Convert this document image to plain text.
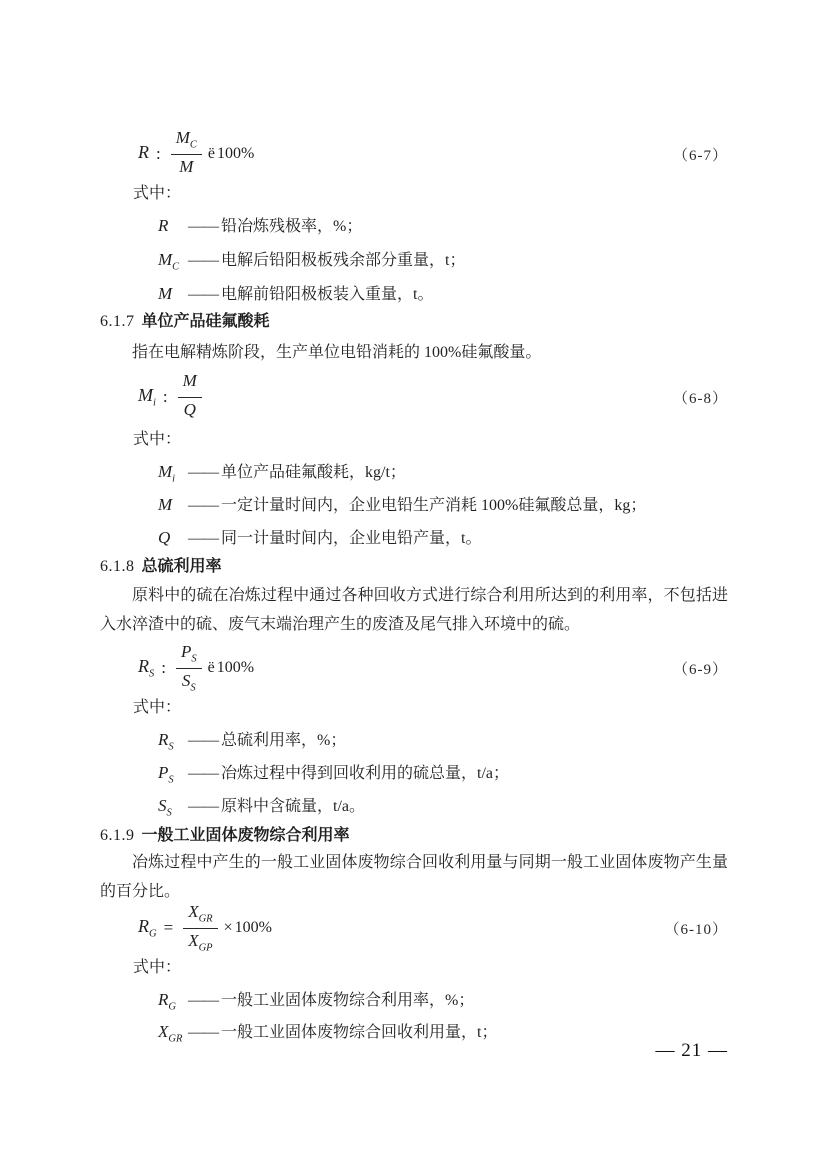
R : $\frac{M_C}{M}$ ë 100%	（6-7）
式中：
R	—— 铅冶炼残极率，%；
$M_C$ —— 电解后铅阳极板残余部分重量，t；
M —— 电解前铅阳极板装入重量，t。
6.1.7 单位产品硅氟酸耗

指在电解精炼阶段，生产单位电铅消耗的 100%硅氟酸量。

$M_i$ : $\frac{M}{Q}$	（6-8）
式中：
$M_i$ —— 单位产品硅氟酸耗，kg/t；
M —— 一定计量时间内，企业电铅生产消耗 100%硅氟酸总量，kg；
Q	—— 同一计量时间内，企业电铅产量，t。
6.1.8 总硫利用率

原料中的硫在冶炼过程中通过各种回收方式进行综合利用所达到的利用率，不包括进入水淬渣中的硫、废气末端治理产生的废渣及尾气排入环境中的硫。

$R_S$ : $\frac{P_S}{S_S}$ ë 100%	（6-9）
式中：
$R_S$ —— 总硫利用率，%；
$P_S$ —— 冶炼过程中得到回收利用的硫总量，t/a；
$S_S$	—— 原料中含硫量，t/a。
6.1.9 一般工业固体废物综合利用率

冶炼过程中产生的一般工业固体废物综合回收利用量与同期一般工业固体废物产生量的百分比。

$R_G = \frac{X_{GR}}{X_{GP}} \times 100\%$	（6-10）
式中：
$R_G$ —— 一般工业固体废物综合利用率，%；
$X_{GR}$ —— 一般工业固体废物综合回收利用量，t；
— 21 —
